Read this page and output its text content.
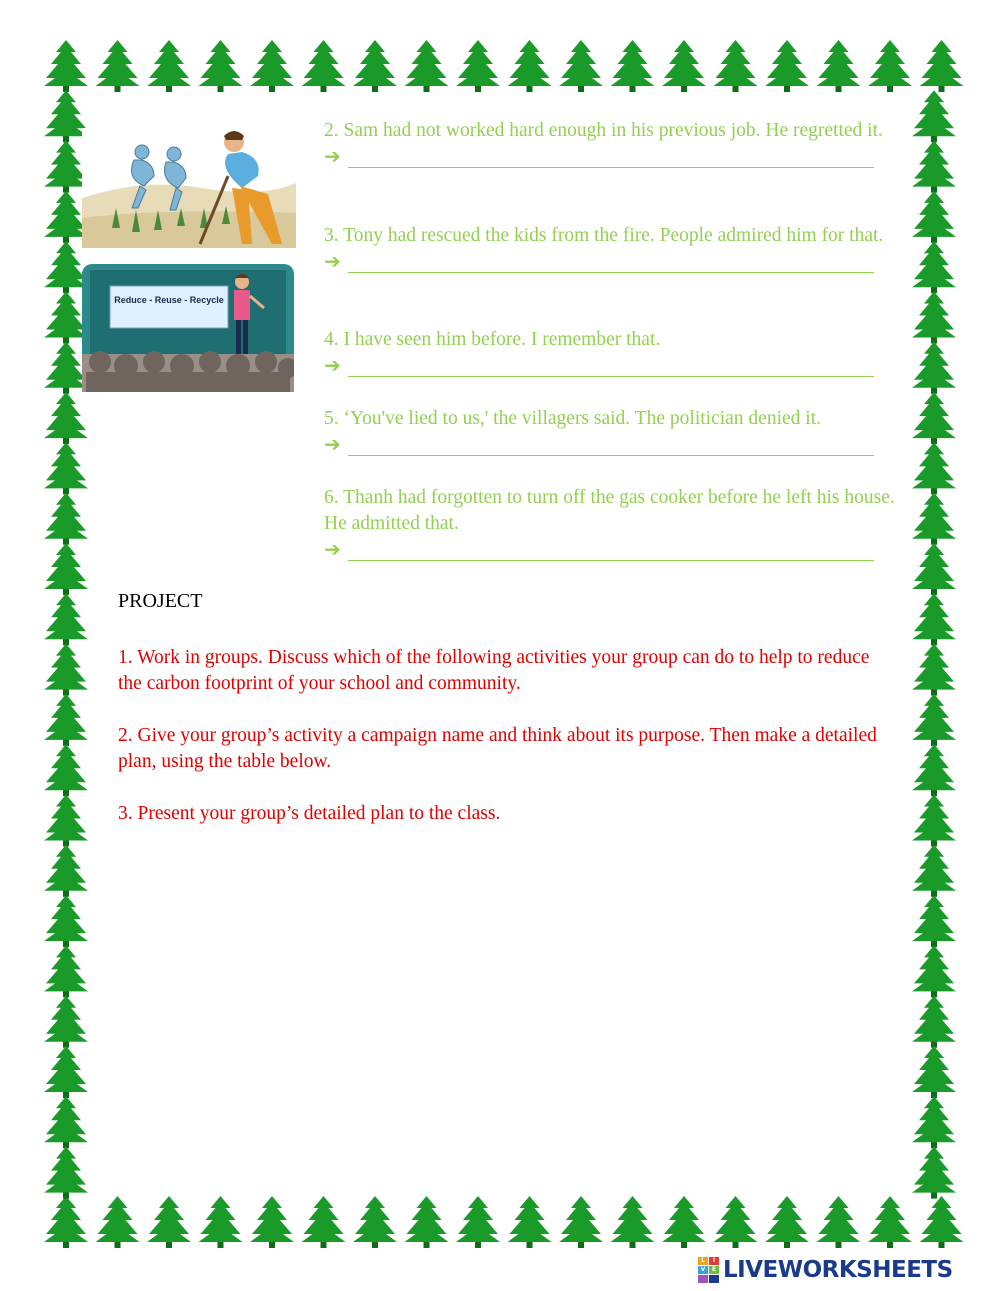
Reduce - Reuse - Recycle
2. Sam had not worked hard enough in his previous job. He regretted it.
➔
3. Tony had rescued the kids from the fire. People admired him for that.
➔
4. I have seen him before. I remember that.
➔
5. ‘You've lied to us,' the villagers said. The politician denied it.
➔
6. Thanh had forgotten to turn off the gas cooker before he left his house. He admitted that.
➔
PROJECT
1. Work in groups. Discuss which of the following activities your group can do to help to reduce the carbon footprint of your school and community.
2. Give your group’s activity a campaign name and think about its purpose. Then make a detailed plan, using the table below.
3. Present your group’s detailed plan to the class.
L	I
V	E LIVEWORKSHEETS
